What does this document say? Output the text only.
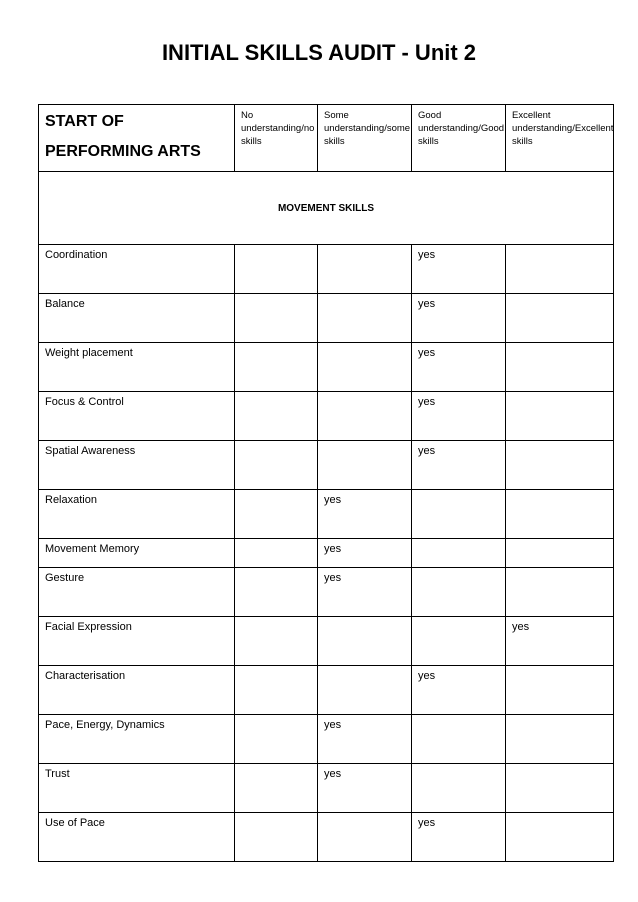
INITIAL SKILLS AUDIT - Unit 2
START OF PERFORMING ARTS	No understanding/no skills	Some understanding/some skills	Good understanding/Good skills	Excellent understanding/Excellent skills
MOVEMENT SKILLS				
Coordination			yes	
Balance			yes	
Weight placement			yes	
Focus & Control			yes	
Spatial Awareness			yes	
Relaxation		yes		
Movement Memory		yes		
Gesture		yes		
Facial Expression				yes
Characterisation			yes	
Pace, Energy, Dynamics		yes		
Trust		yes		
Use of Pace			yes	
